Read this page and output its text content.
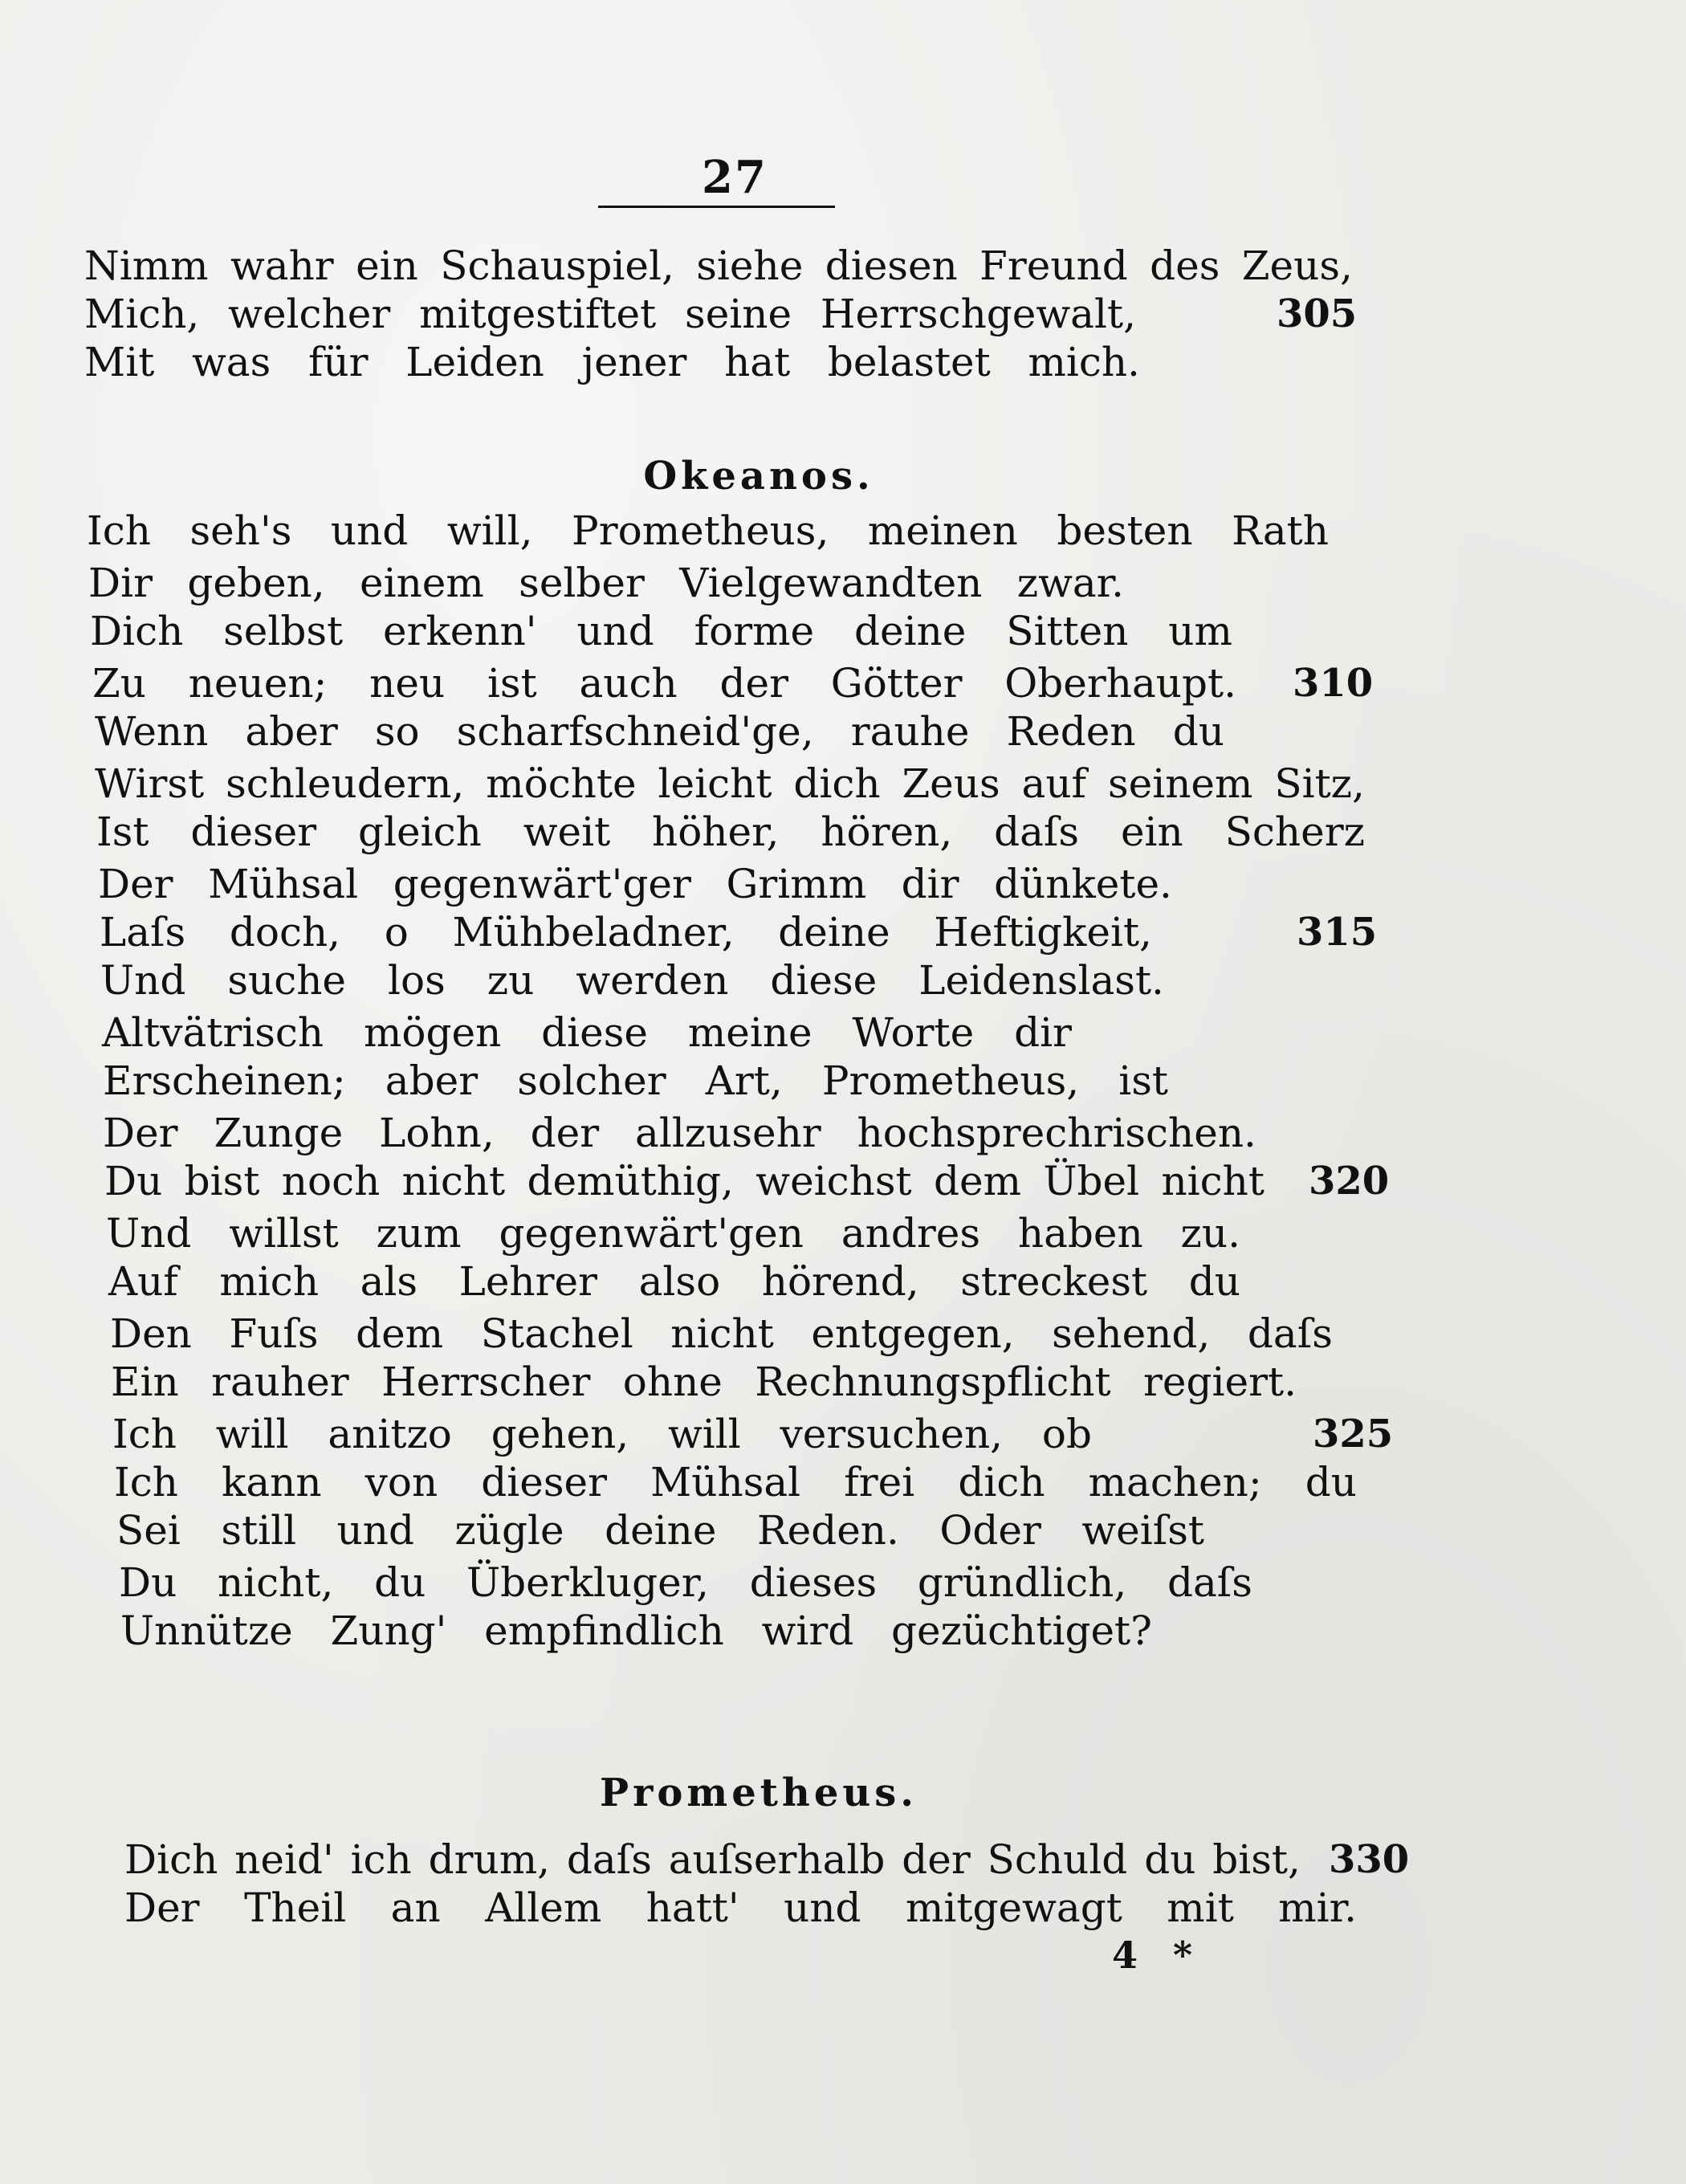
27
Nimm wahr ein Schauspiel, siehe diesen Freund des Zeus,
Mich, welcher mitgestiftet seine Herrschgewalt,	305
Mit was für Leiden jener hat belastet mich.
Okeanos.
Ich seh's und will, Prometheus, meinen besten Rath
Dir geben, einem selber Vielgewandten zwar.
Dich selbst erkenn' und forme deine Sitten um
Zu neuen; neu ist auch der Götter Oberhaupt. 310
Wenn aber so scharfschneid'ge, rauhe Reden du
Wirst schleudern, möchte leicht dich Zeus auf seinem Sitz,
Ist dieser gleich weit höher, hören, daſs ein Scherz
Der Mühsal gegenwärt'ger Grimm dir dünkete.
Laſs doch, o Mühbeladner, deine Heftigkeit,	315
Und suche los zu werden diese Leidenslast.
Altvätrisch mögen diese meine Worte dir
Erscheinen; aber solcher Art, Prometheus, ist
Der Zunge Lohn, der allzusehr hochsprechrischen.
Du bist noch nicht demüthig, weichst dem Übel nicht 320
Und willst zum gegenwärt'gen andres haben zu.
Auf mich als Lehrer also hörend, streckest du
Den Fuſs dem Stachel nicht entgegen, sehend, daſs
Ein rauher Herrscher ohne Rechnungspflicht regiert.
Ich will anitzo gehen, will versuchen, ob	325
Ich kann von dieser Mühsal frei dich machen; du
Sei still und zügle deine Reden. Oder weiſst
Du nicht, du Überkluger, dieses gründlich, daſs
Unnütze Zung' empfindlich wird gezüchtiget?
Prometheus.
Dich neid' ich drum, daſs auſserhalb der Schuld du bist, 330
Der Theil an Allem hatt' und mitgewagt mit mir.
4 *
